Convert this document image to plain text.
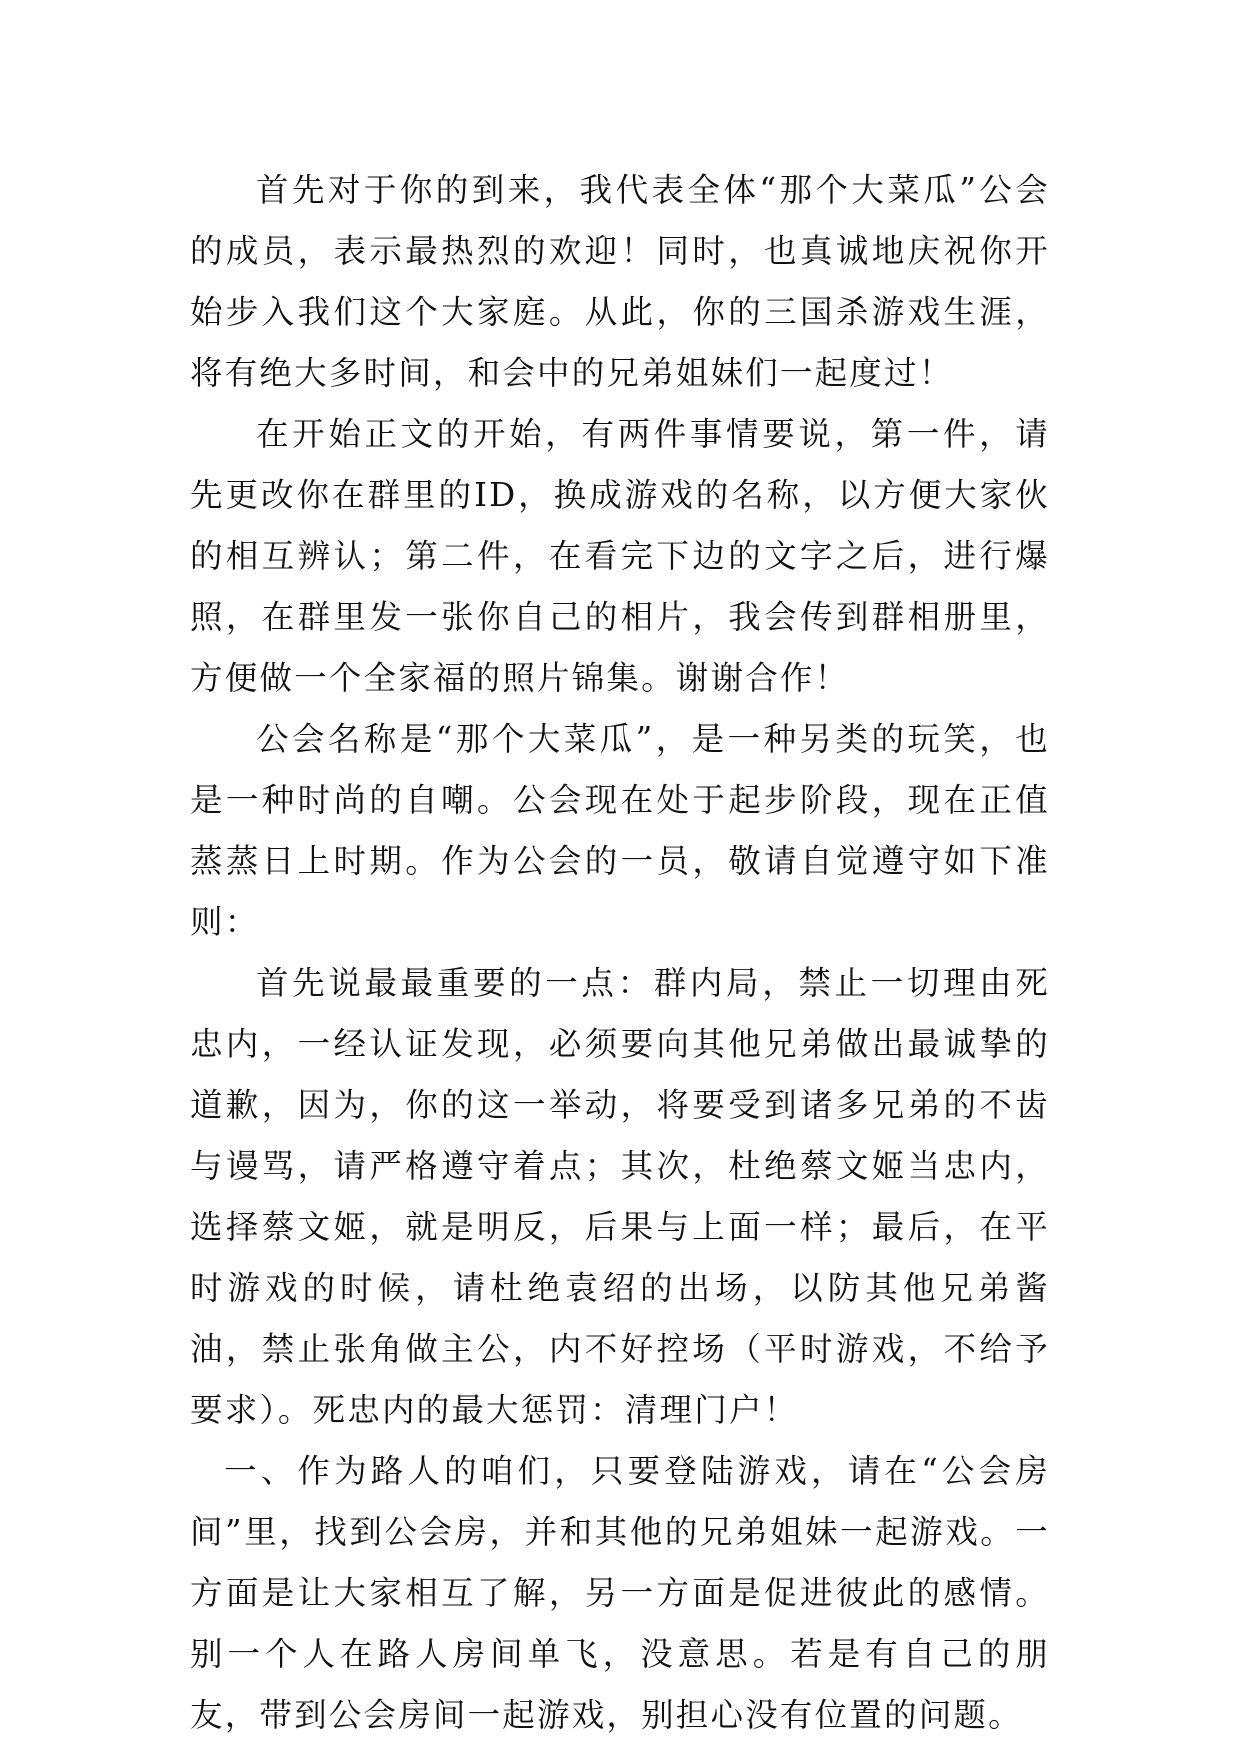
首先对于你的到来，我代表全体“那个大菜瓜”公会的成员，表示最热烈的欢迎！同时，也真诚地庆祝你开始步入我们这个大家庭。从此，你的三国杀游戏生涯，将有绝大多时间，和会中的兄弟姐妹们一起度过！

在开始正文的开始，有两件事情要说，第一件，请先更改你在群里的ID，换成游戏的名称，以方便大家伙的相互辨认；第二件，在看完下边的文字之后，进行爆照，在群里发一张你自己的相片，我会传到群相册里，方便做一个全家福的照片锦集。谢谢合作！

公会名称是“那个大菜瓜”，是一种另类的玩笑，也是一种时尚的自嘲。公会现在处于起步阶段，现在正值蒸蒸日上时期。作为公会的一员，敬请自觉遵守如下准则：

首先说最最重要的一点：群内局，禁止一切理由死忠内，一经认证发现，必须要向其他兄弟做出最诚挚的道歉，因为，你的这一举动，将要受到诸多兄弟的不齿与谩骂，请严格遵守着点；其次，杜绝蔡文姬当忠内，选择蔡文姬，就是明反，后果与上面一样；最后，在平时游戏的时候，请杜绝袁绍的出场，以防其他兄弟酱油，禁止张角做主公，内不好控场（平时游戏，不给予要求）。死忠内的最大惩罚：清理门户！

一、作为路人的咱们，只要登陆游戏，请在“公会房间”里，找到公会房，并和其他的兄弟姐妹一起游戏。一方面是让大家相互了解，另一方面是促进彼此的感情。别一个人在路人房间单飞，没意思。若是有自己的朋友，带到公会房间一起游戏，别担心没有位置的问题。
